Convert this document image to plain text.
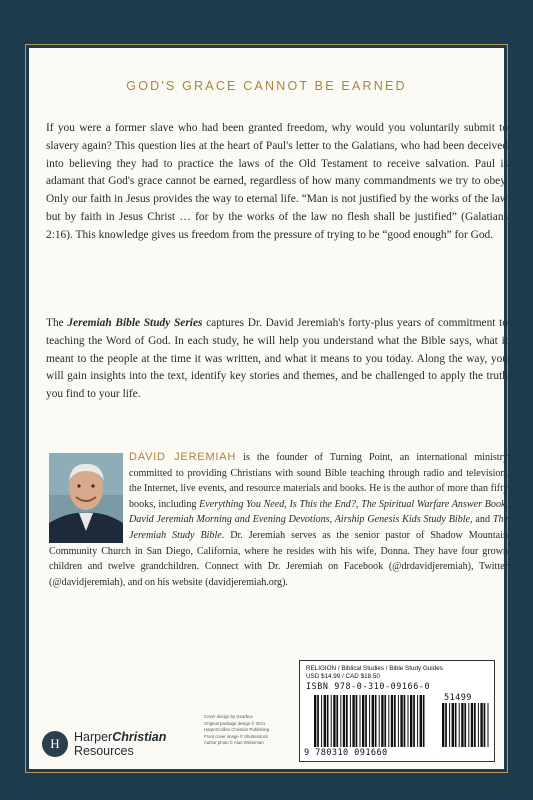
GOD'S GRACE CANNOT BE EARNED
If you were a former slave who had been granted freedom, why would you voluntarily submit to slavery again? This question lies at the heart of Paul's letter to the Galatians, who had been deceived into believing they had to practice the laws of the Old Testament to receive salvation. Paul is adamant that God's grace cannot be earned, regardless of how many commandments we try to obey. Only our faith in Jesus provides the way to eternal life. “Man is not justified by the works of the law but by faith in Jesus Christ … for by the works of the law no flesh shall be justified” (Galatians 2:16). This knowledge gives us freedom from the pressure of trying to be “good enough” for God.
The Jeremiah Bible Study Series captures Dr. David Jeremiah's forty-plus years of commitment to teaching the Word of God. In each study, he will help you understand what the Bible says, what it meant to the people at the time it was written, and what it means to you today. Along the way, you will gain insights into the text, identify key stories and themes, and be challenged to apply the truth you find to your life.
DAVID JEREMIAH is the founder of Turning Point, an international ministry committed to providing Christians with sound Bible teaching through radio and television, the Internet, live events, and resource materials and books. He is the author of more than fifty books, including Everything You Need, Is This the End?, The Spiritual Warfare Answer Book, David Jeremiah Morning and Evening Devotions, Airship Genesis Kids Study Bible, and The Jeremiah Study Bible. Dr. Jeremiah serves as the senior pastor of Shadow Mountain Community Church in San Diego, California, where he resides with his wife, Donna. They have four grown children and twelve grandchildren. Connect with Dr. Jeremiah on Facebook (@drdavidjeremiah), Twitter (@davidjeremiah), and on his website (davidjeremiah.org).
H	HarperChristian
Resources
Cover design by Gearbox
Original package design © 2021
HarperCollins Christian Publishing
Front cover image © Shutterstock
Author photo © Alan Weissman
RELIGION / Biblical Studies / Bible Study Guides
USD $14.99 / CAD $18.50
ISBN 978-0-310-09166-0
51499
9 780310 091660
